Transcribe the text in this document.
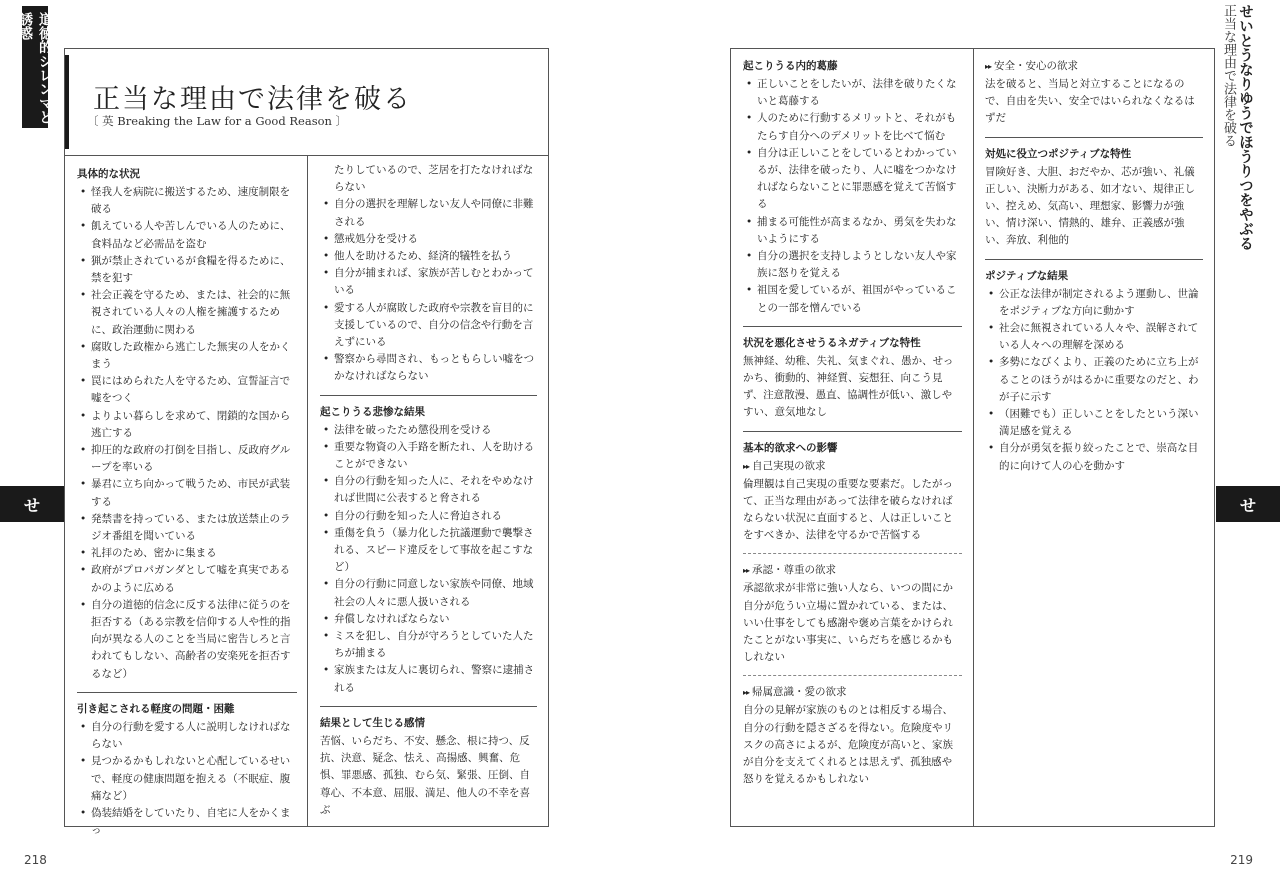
道徳的ジレンマと誘惑
せ
218
正当な理由で法律を破る
〔 英 Breaking the Law for a Good Reason 〕
具体的な状況
• 怪我人を病院に搬送するため、速度制限を破る
• 飢えている人や苦しんでいる人のために、食料品など必需品を盗む
• 猟が禁止されているが食糧を得るために、禁を犯す
• 社会正義を守るため、または、社会的に無視されている人々の人権を擁護するために、政治運動に関わる
• 腐敗した政権から逃亡した無実の人をかくまう
• 罠にはめられた人を守るため、宣誓証言で嘘をつく
• よりよい暮らしを求めて、閉鎖的な国から逃亡する
• 抑圧的な政府の打倒を目指し、反政府グループを率いる
• 暴君に立ち向かって戦うため、市民が武装する
• 発禁書を持っている、または放送禁止のラジオ番組を聞いている
• 礼拝のため、密かに集まる
• 政府がプロパガンダとして嘘を真実であるかのように広める
• 自分の道徳的信念に反する法律に従うのを拒否する（ある宗教を信仰する人や性的指向が異なる人のことを当局に密告しろと言われてもしない、高齢者の安楽死を拒否するなど）
引き起こされる軽度の問題・困難
• 自分の行動を愛する人に説明しなければならない
• 見つかるかもしれないと心配しているせいで、軽度の健康問題を抱える（不眠症、腹痛など）
• 偽装結婚をしていたり、自宅に人をかくまっ
たりしているので、芝居を打たなければならない
• 自分の選択を理解しない友人や同僚に非難される
• 懲戒処分を受ける
• 他人を助けるため、経済的犠牲を払う
• 自分が捕まれば、家族が苦しむとわかっている
• 愛する人が腐敗した政府や宗教を盲目的に支援しているので、自分の信念や行動を言えずにいる
• 警察から尋問され、もっともらしい嘘をつかなければならない
起こりうる悲惨な結果
• 法律を破ったため懲役刑を受ける
• 重要な物資の入手路を断たれ、人を助けることができない
• 自分の行動を知った人に、それをやめなければ世間に公表すると脅される
• 自分の行動を知った人に脅迫される
• 重傷を負う（暴力化した抗議運動で襲撃される、スピード違反をして事故を起こすなど）
• 自分の行動に同意しない家族や同僚、地域社会の人々に悪人扱いされる
• 弁償しなければならない
• ミスを犯し、自分が守ろうとしていた人たちが捕まる
• 家族または友人に裏切られ、警察に逮捕される
結果として生じる感情
苦悩、いらだち、不安、懸念、根に持つ、反抗、決意、疑念、怯え、高揚感、興奮、危惧、罪悪感、孤独、むら気、緊張、圧倒、自尊心、不本意、屈服、満足、他人の不幸を喜ぶ
せいとうなりゆうでほうりつをやぶる
正当な理由で法律を破る
せ
219
起こりうる内的葛藤
• 正しいことをしたいが、法律を破りたくないと葛藤する
• 人のために行動するメリットと、それがもたらす自分へのデメリットを比べて悩む
• 自分は正しいことをしているとわかっているが、法律を破ったり、人に嘘をつかなければならないことに罪悪感を覚えて苦悩する
• 捕まる可能性が高まるなか、勇気を失わないようにする
• 自分の選択を支持しようとしない友人や家族に怒りを覚える
• 祖国を愛しているが、祖国がやっていることの一部を憎んでいる
状況を悪化させうるネガティブな特性
無神経、幼稚、失礼、気まぐれ、愚か、せっかち、衝動的、神経質、妄想狂、向こう見ず、注意散漫、愚直、協調性が低い、激しやすい、意気地なし
基本的欲求への影響
▸▸ 自己実現の欲求
倫理観は自己実現の重要な要素だ。したがって、正当な理由があって法律を破らなければならない状況に直面すると、人は正しいことをすべきか、法律を守るかで苦悩する
▸▸ 承認・尊重の欲求
承認欲求が非常に強い人なら、いつの間にか自分が危うい立場に置かれている、または、いい仕事をしても感謝や褒め言葉をかけられたことがない事実に、いらだちを感じるかもしれない
▸▸ 帰属意識・愛の欲求
自分の見解が家族のものとは相反する場合、自分の行動を隠さざるを得ない。危険度やリスクの高さによるが、危険度が高いと、家族が自分を支えてくれるとは思えず、孤独感や怒りを覚えるかもしれない
▸▸ 安全・安心の欲求
法を破ると、当局と対立することになるので、自由を失い、安全ではいられなくなるはずだ
対処に役立つポジティブな特性
冒険好き、大胆、おだやか、芯が強い、礼儀正しい、決断力がある、如才ない、規律正しい、控えめ、気高い、理想家、影響力が強い、情け深い、情熱的、雄弁、正義感が強い、奔放、利他的
ポジティブな結果
• 公正な法律が制定されるよう運動し、世論をポジティブな方向に動かす
• 社会に無視されている人々や、誤解されている人々への理解を深める
• 多勢になびくより、正義のために立ち上がることのほうがはるかに重要なのだと、わが子に示す
• （困難でも）正しいことをしたという深い満足感を覚える
• 自分が勇気を振り絞ったことで、崇高な目的に向けて人の心を動かす
